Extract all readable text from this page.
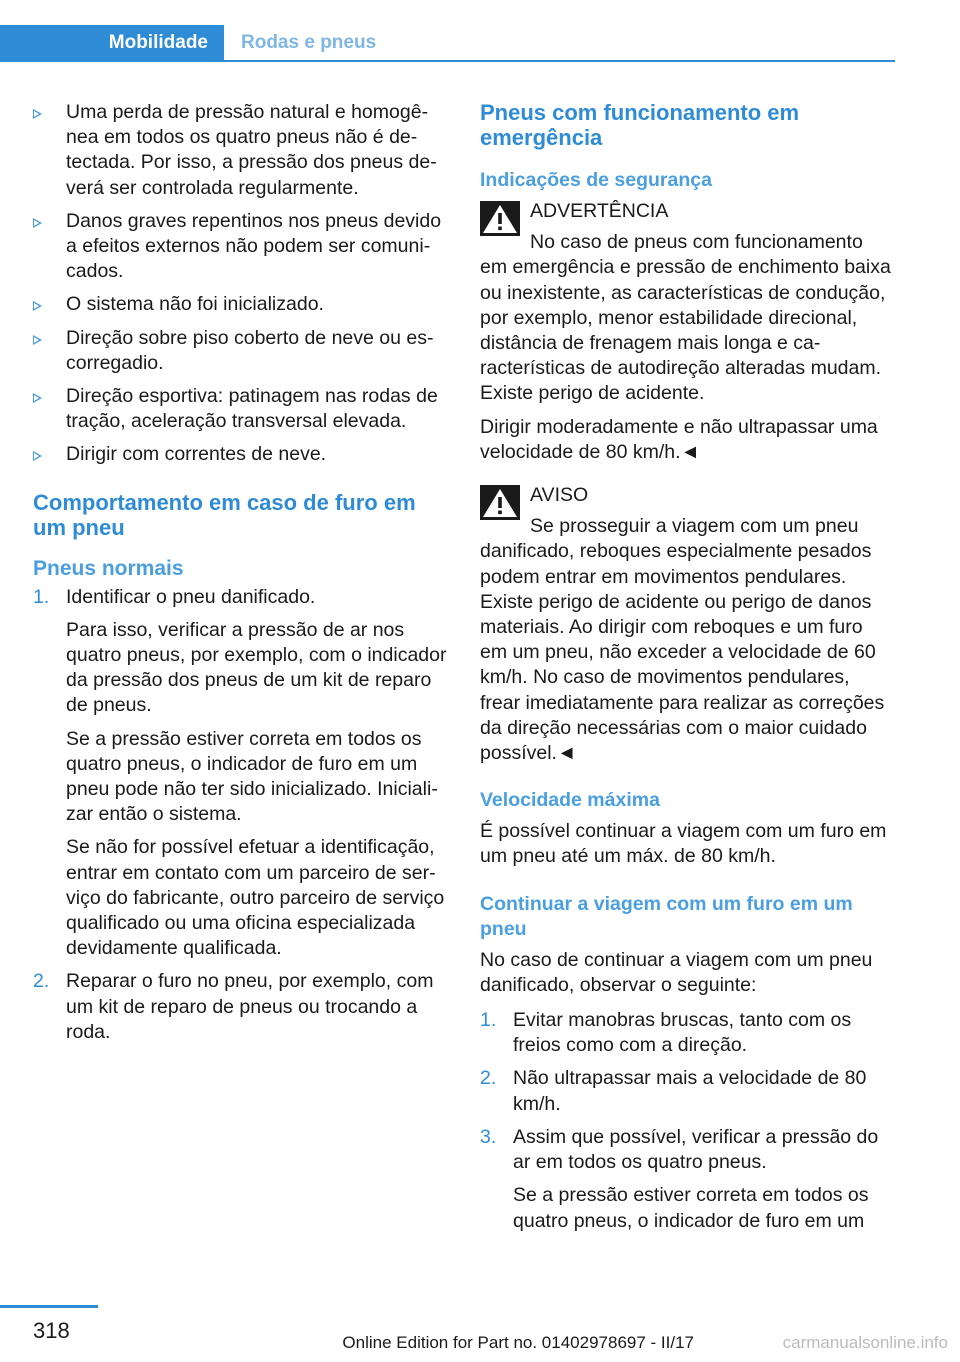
Mobilidade	Rodas e pneus
Uma perda de pressão natural e homogênea em todos os quatro pneus não é detectada. Por isso, a pressão dos pneus deverá ser controlada regularmente.
Danos graves repentinos nos pneus devido a efeitos externos não podem ser comunicados.
O sistema não foi inicializado.
Direção sobre piso coberto de neve ou escorregadio.
Direção esportiva: patinagem nas rodas de tração, aceleração transversal elevada.
Dirigir com correntes de neve.
Comportamento em caso de furo em um pneu
Pneus normais
1. Identificar o pneu danificado.

Para isso, verificar a pressão de ar nos quatro pneus, por exemplo, com o indicador da pressão dos pneus de um kit de reparo de pneus.

Se a pressão estiver correta em todos os quatro pneus, o indicador de furo em um pneu pode não ter sido inicializado. Inicializar então o sistema.

Se não for possível efetuar a identificação, entrar em contato com um parceiro de serviço do fabricante, outro parceiro de serviço qualificado ou uma oficina especializada devidamente qualificada.

2. Reparar o furo no pneu, por exemplo, com um kit de reparo de pneus ou trocando a roda.

Pneus com funcionamento em emergência
Indicações de segurança

ADVERTÊNCIA

No caso de pneus com funcionamento

em emergência e pressão de enchimento baixa ou inexistente, as características de condução, por exemplo, menor estabilidade direcional, distância de frenagem mais longa e características de autodireção alteradas mudam. Existe perigo de acidente.

Dirigir moderadamente e não ultrapassar uma velocidade de 80 km/h.◄

AVISO

Se prosseguir a viagem com um pneu

danificado, reboques especialmente pesados podem entrar em movimentos pendulares. Existe perigo de acidente ou perigo de danos materiais. Ao dirigir com reboques e um furo em um pneu, não exceder a velocidade de 60 km/h. No caso de movimentos pendulares, frear imediatamente para realizar as correções da direção necessárias com o maior cuidado possível.◄

Velocidade máxima

É possível continuar a viagem com um furo em um pneu até um máx. de 80 km/h.

Continuar a viagem com um furo em um pneu

No caso de continuar a viagem com um pneu danificado, observar o seguinte:

1. Evitar manobras bruscas, tanto com os freios como com a direção.

2. Não ultrapassar mais a velocidade de 80 km/h.

3. Assim que possível, verificar a pressão do ar em todos os quatro pneus.

Se a pressão estiver correta em todos os quatro pneus, o indicador de furo em um

318	Online Edition for Part no. 01402978697 - II/17	carmanualsonline.info
